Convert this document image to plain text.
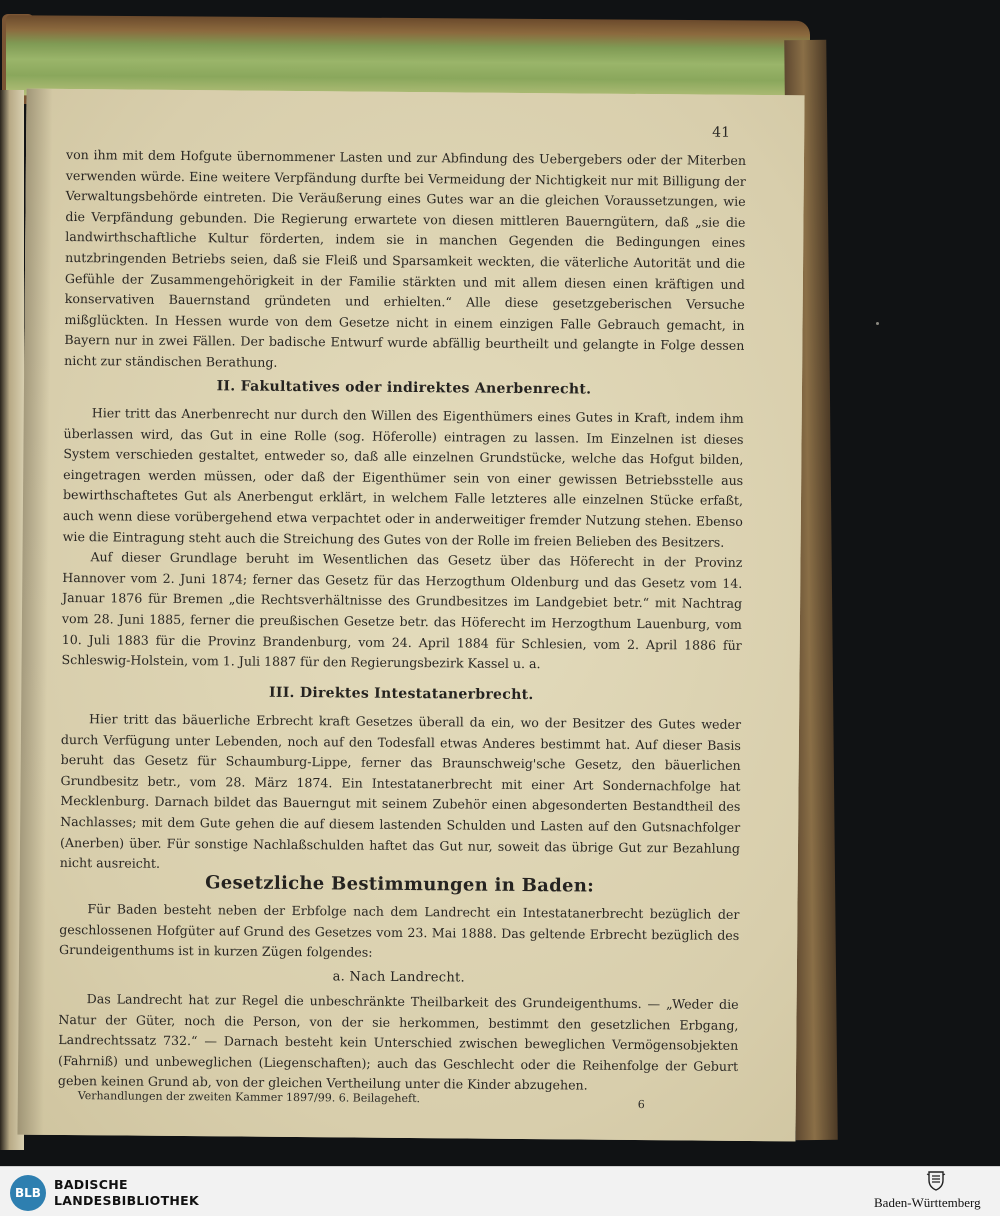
41

von ihm mit dem Hofgute übernommener Lasten und zur Abfindung des Uebergebers oder der Miterben verwenden würde. Eine weitere Verpfändung durfte bei Vermeidung der Nichtigkeit nur mit Billigung der Verwaltungsbehörde eintreten. Die Veräußerung eines Gutes war an die gleichen Voraussetzungen, wie die Verpfändung gebunden. Die Regierung erwartete von diesen mittleren Bauerngütern, daß „sie die landwirthschaftliche Kultur förderten, indem sie in manchen Gegenden die Bedingungen eines nutzbringenden Betriebs seien, daß sie Fleiß und Sparsamkeit weckten, die väterliche Autorität und die Gefühle der Zusammengehörigkeit in der Familie stärkten und mit allem diesen einen kräftigen und konservativen Bauernstand gründeten und erhielten.“ Alle diese gesetzgeberischen Versuche mißglückten. In Hessen wurde von dem Gesetze nicht in einem einzigen Falle Gebrauch gemacht, in Bayern nur in zwei Fällen. Der badische Entwurf wurde abfällig beurtheilt und gelangte in Folge dessen nicht zur ständischen Berathung.

II. Fakultatives oder indirektes Anerbenrecht.

Hier tritt das Anerbenrecht nur durch den Willen des Eigenthümers eines Gutes in Kraft, indem ihm überlassen wird, das Gut in eine Rolle (sog. Höferolle) eintragen zu lassen. Im Einzelnen ist dieses System verschieden gestaltet, entweder so, daß alle einzelnen Grundstücke, welche das Hofgut bilden, eingetragen werden müssen, oder daß der Eigenthümer sein von einer gewissen Betriebsstelle aus bewirthschaftetes Gut als Anerbengut erklärt, in welchem Falle letzteres alle einzelnen Stücke erfaßt, auch wenn diese vorübergehend etwa verpachtet oder in anderweitiger fremder Nutzung stehen. Ebenso wie die Eintragung steht auch die Streichung des Gutes von der Rolle im freien Belieben des Besitzers.

Auf dieser Grundlage beruht im Wesentlichen das Gesetz über das Höferecht in der Provinz Hannover vom 2. Juni 1874; ferner das Gesetz für das Herzogthum Oldenburg und das Gesetz vom 14. Januar 1876 für Bremen „die Rechtsverhältnisse des Grundbesitzes im Landgebiet betr.“ mit Nachtrag vom 28. Juni 1885, ferner die preußischen Gesetze betr. das Höferecht im Herzogthum Lauenburg, vom 10. Juli 1883 für die Provinz Brandenburg, vom 24. April 1884 für Schlesien, vom 2. April 1886 für Schleswig-Holstein, vom 1. Juli 1887 für den Regierungsbezirk Kassel u. a.

III. Direktes Intestatanerbrecht.

Hier tritt das bäuerliche Erbrecht kraft Gesetzes überall da ein, wo der Besitzer des Gutes weder durch Verfügung unter Lebenden, noch auf den Todesfall etwas Anderes bestimmt hat. Auf dieser Basis beruht das Gesetz für Schaumburg-Lippe, ferner das Braunschweig'sche Gesetz, den bäuerlichen Grundbesitz betr., vom 28. März 1874. Ein Intestatanerbrecht mit einer Art Sondernachfolge hat Mecklenburg. Darnach bildet das Bauerngut mit seinem Zubehör einen abgesonderten Bestandtheil des Nachlasses; mit dem Gute gehen die auf diesem lastenden Schulden und Lasten auf den Gutsnachfolger (Anerben) über. Für sonstige Nachlaßschulden haftet das Gut nur, soweit das übrige Gut zur Bezahlung nicht ausreicht.

Gesetzliche Bestimmungen in Baden:

Für Baden besteht neben der Erbfolge nach dem Landrecht ein Intestatanerbrecht bezüglich der geschlossenen Hofgüter auf Grund des Gesetzes vom 23. Mai 1888. Das geltende Erbrecht bezüglich des Grundeigenthums ist in kurzen Zügen folgendes:

a. Nach Landrecht.

Das Landrecht hat zur Regel die unbeschränkte Theilbarkeit des Grundeigenthums. — „Weder die Natur der Güter, noch die Person, von der sie herkommen, bestimmt den gesetzlichen Erbgang, Landrechtssatz 732.“ — Darnach besteht kein Unterschied zwischen beweglichen Vermögensobjekten (Fahrniß) und unbeweglichen (Liegenschaften); auch das Geschlecht oder die Reihenfolge der Geburt geben keinen Grund ab, von der gleichen Vertheilung unter die Kinder abzugehen.

Verhandlungen der zweiten Kammer 1897/99. 6. Beilageheft.	6
BLB
BADISCHE
LANDESBIBLIOTHEK	Baden-Württemberg
